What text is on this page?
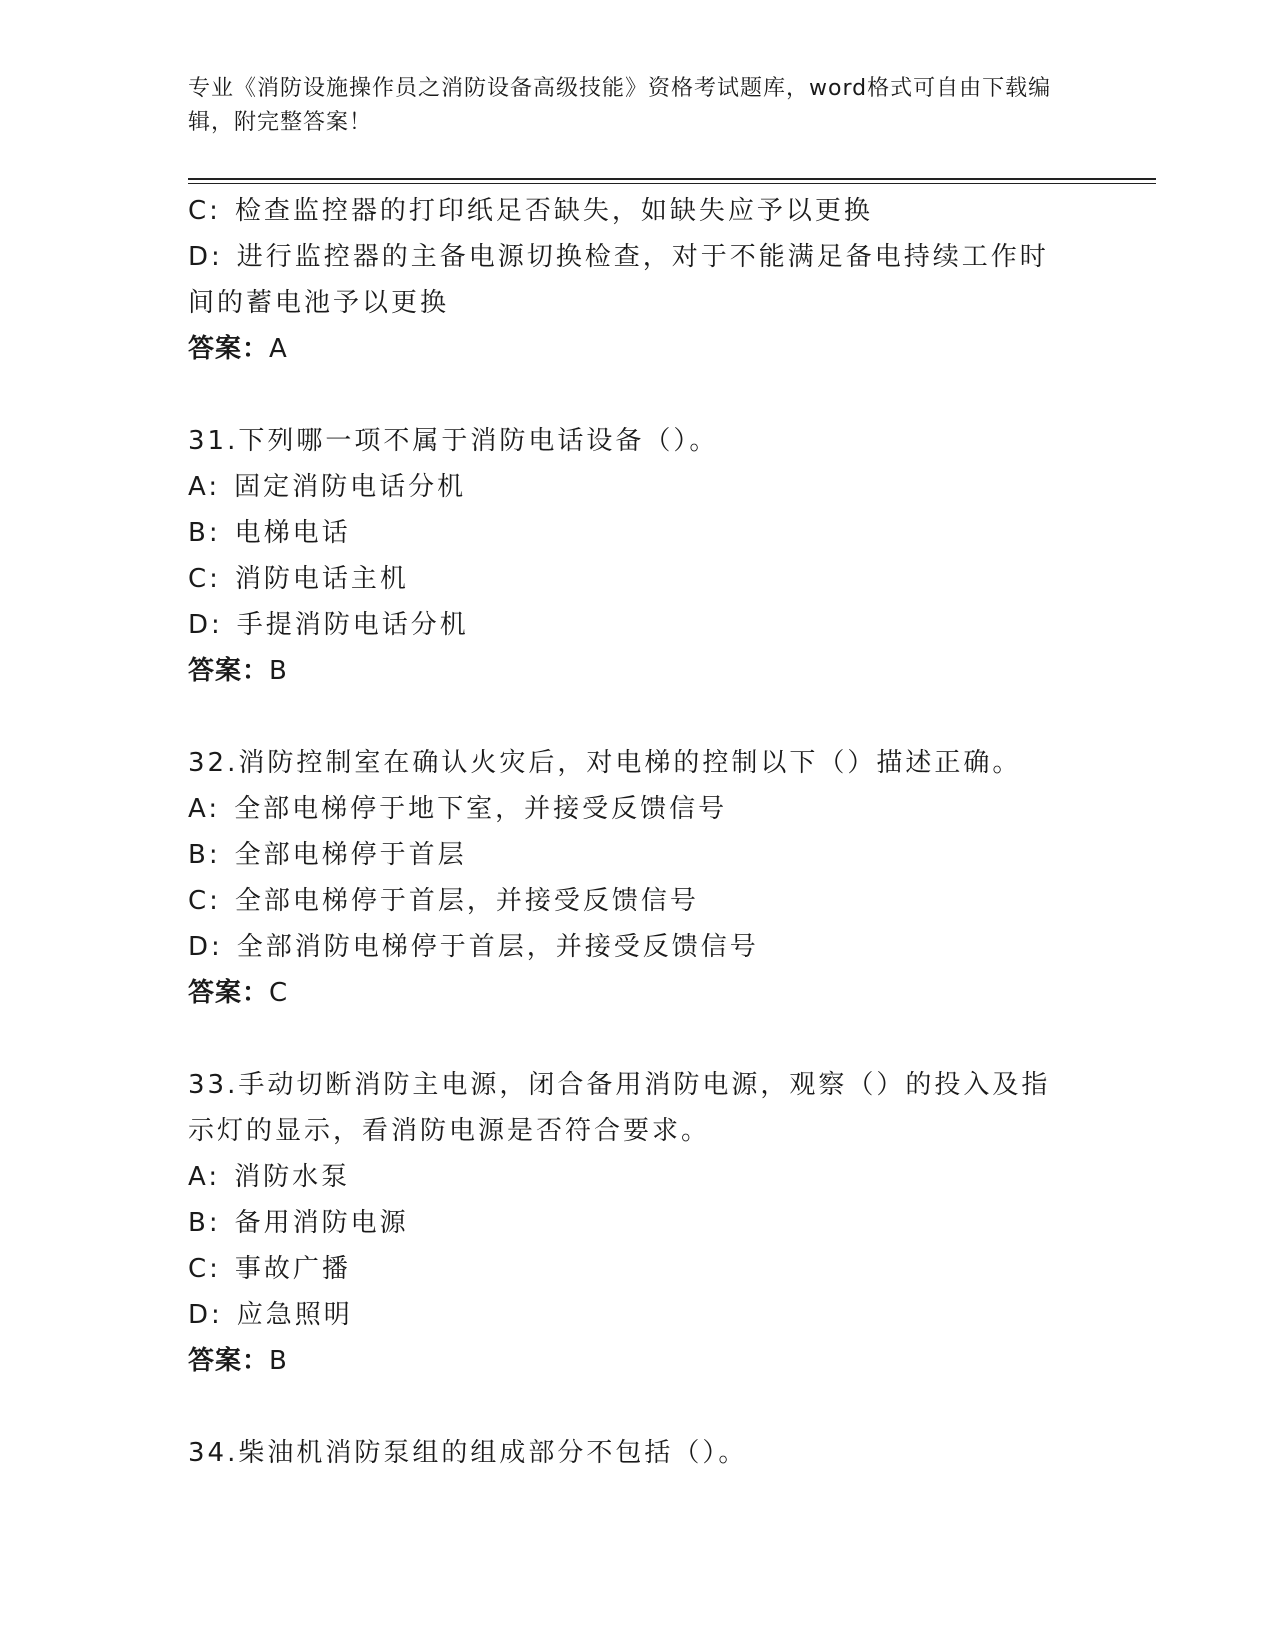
专业《消防设施操作员之消防设备高级技能》资格考试题库，word格式可自由下载编辑，附完整答案！
C: 检查监控器的打印纸足否缺失，如缺失应予以更换
D: 进行监控器的主备电源切换检查，对于不能满足备电持续工作时间的蓄电池予以更换
答案：A
31.下列哪一项不属于消防电话设备（）。
A: 固定消防电话分机
B: 电梯电话
C: 消防电话主机
D: 手提消防电话分机
答案：B
32.消防控制室在确认火灾后，对电梯的控制以下（）描述正确。
A: 全部电梯停于地下室，并接受反馈信号
B: 全部电梯停于首层
C: 全部电梯停于首层，并接受反馈信号
D: 全部消防电梯停于首层，并接受反馈信号
答案：C
33.手动切断消防主电源，闭合备用消防电源，观察（）的投入及指示灯的显示，看消防电源是否符合要求。
A: 消防水泵
B: 备用消防电源
C: 事故广播
D: 应急照明
答案：B
34.柴油机消防泵组的组成部分不包括（）。
